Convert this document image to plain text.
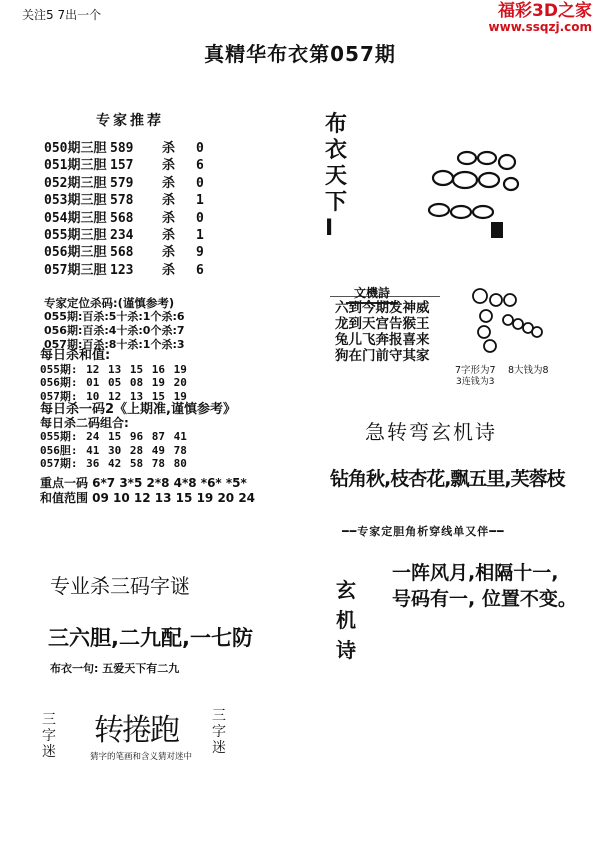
关注5 7出一个	福彩3D之家
www.ssqzj.com
真精华布衣第057期
专家推荐
050期三胆 589 杀 0
051期三胆 157 杀 6
052期三胆 579 杀 0
053期三胆 578 杀 1
054期三胆 568 杀 0
055期三胆 234 杀 1
056期三胆 568 杀 9
057期三胆 123 杀 6
专家定位杀码:(谨慎参考)
055期:百杀:5十杀:1个杀:6
056期:百杀:4十杀:0个杀:7
057期:百杀:8十杀:1个杀:3
每日杀和值:
055期: 12 13 15 16 19
056期: 01 05 08 19 20
057期: 10 12 13 15 19
每日杀一码2《上期准,谨慎参考》
每日杀二码组合:
055期: 24 15 96 87 41
056胆: 41 30 28 49 78
057期: 36 42 58 78 80
重点一码 6*7 3*5 2*8 4*8 *6* *5*
和值范围 09 10 12 13 15 19 20 24
专业杀三码字谜
三六胆,二九配,一七防
布衣一句: 五爱天下有二九
三字迷
转捲跑
猜字的笔画和含义猜对迷中
三字迷
布衣天下I
文機詩
六到今期发神威
龙到天宫告猴王
兔儿飞奔报喜来
狗在门前守其家
7字形为7 8大钱为8
3连钱为3
急转弯玄机诗
钻角秋,枝杏花,飘五里,芙蓉枝
━━专家定胆角析穿线单又伴━━
玄机诗
一阵风月,相隔十一,
号码有一, 位置不变。
